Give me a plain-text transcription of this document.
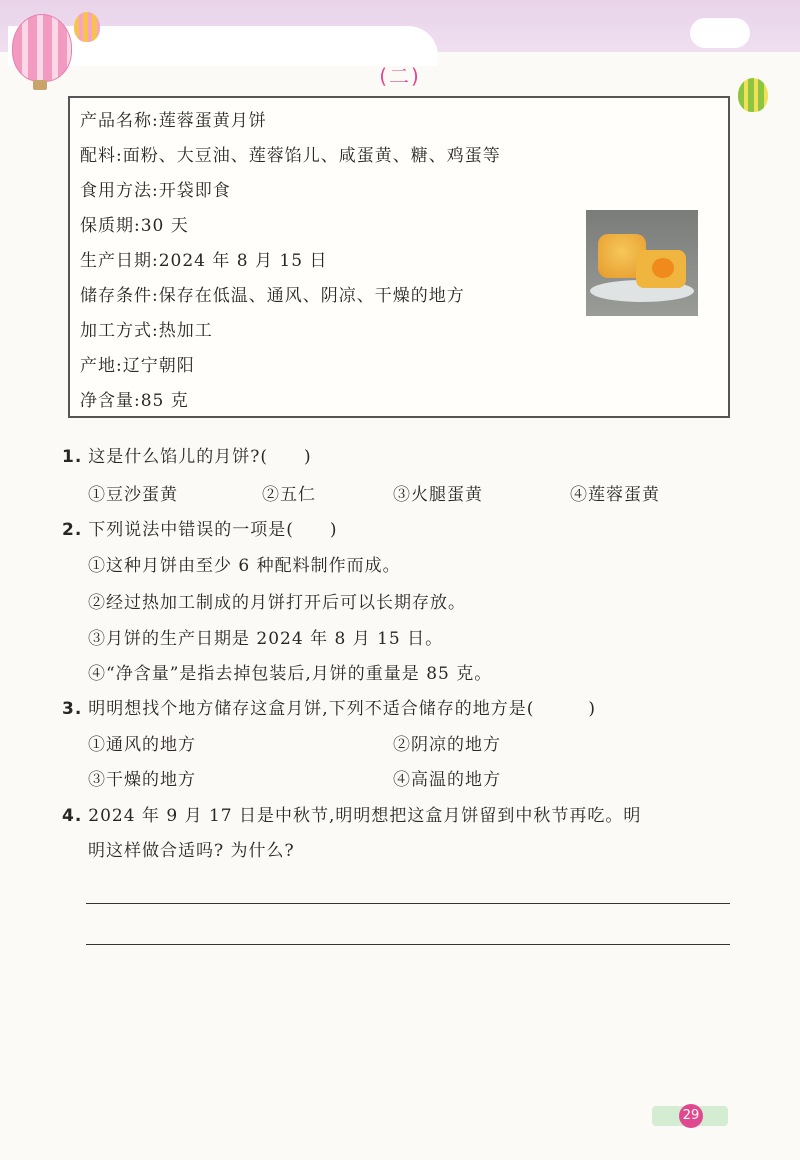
(二)
产品名称:莲蓉蛋黄月饼
配料:面粉、大豆油、莲蓉馅儿、咸蛋黄、糖、鸡蛋等
食用方法:开袋即食
保质期:30 天
生产日期:2024 年 8 月 15 日
储存条件:保存在低温、通风、阴凉、干燥的地方
加工方式:热加工
产地:辽宁朝阳
净含量:85 克
1. 这是什么馅儿的月饼?(　　)
①豆沙蛋黄	②五仁	③火腿蛋黄	④莲蓉蛋黄
2. 下列说法中错误的一项是(　　)
①这种月饼由至少 6 种配料制作而成。
②经过热加工制成的月饼打开后可以长期存放。
③月饼的生产日期是 2024 年 8 月 15 日。
④“净含量”是指去掉包装后,月饼的重量是 85 克。
3. 明明想找个地方储存这盒月饼,下列不适合储存的地方是(　　　)
①通风的地方	②阴凉的地方
③干燥的地方	④高温的地方
4. 2024 年 9 月 17 日是中秋节,明明想把这盒月饼留到中秋节再吃。明
明这样做合适吗? 为什么?
29
